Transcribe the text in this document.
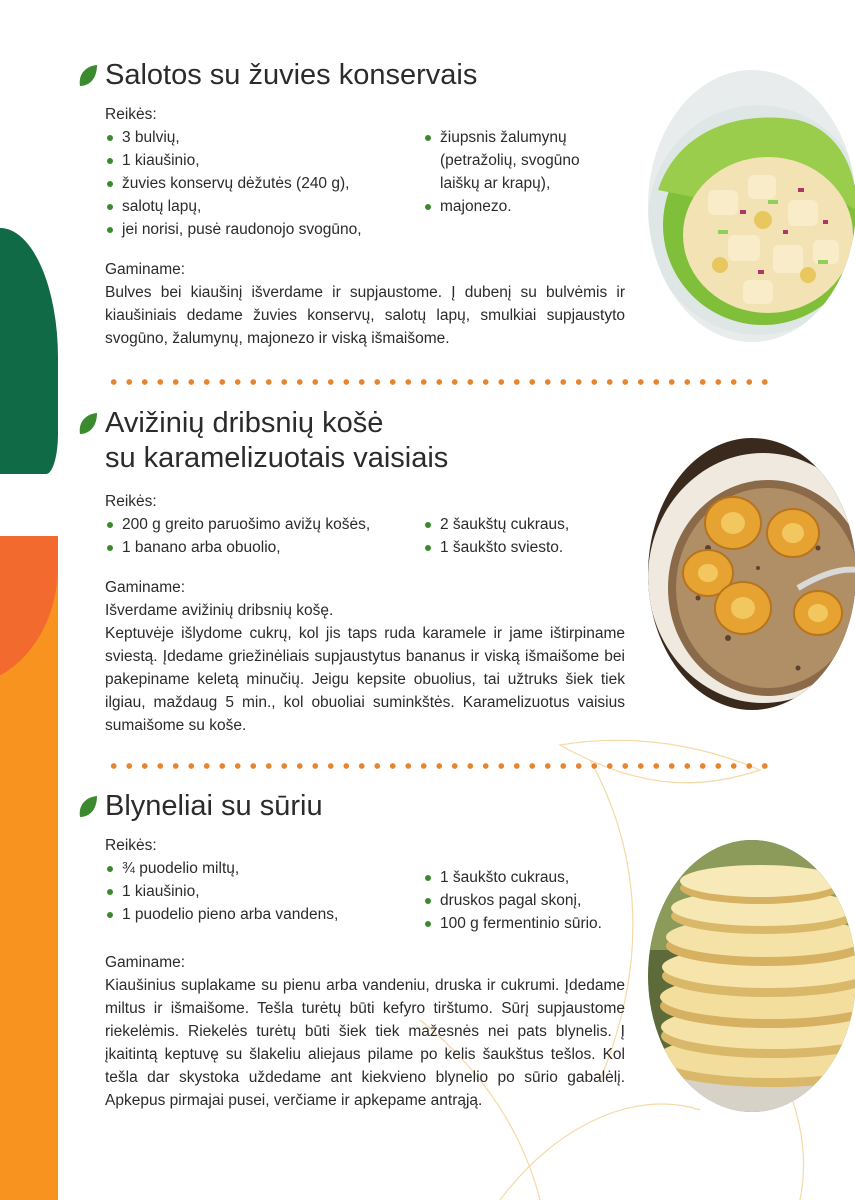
Salotos su žuvies konservais
Reikės:
3 bulvių,
1 kiaušinio,
žuvies konservų dėžutės (240 g),
salotų lapų,
jei norisi, pusė raudonojo svogūno,
žiupsnis žalumynų (petražolių, svogūno laiškų ar krapų),
majonezo.
Gaminame:

Bulves bei kiaušinį išverdame ir supjaustome. Į dubenį su bulvėmis ir kiaušiniais dedame žuvies konservų, salotų lapų, smulkiai supjaustyto svogūno, žalumynų, majonezo ir viską išmaišome.

Avižinių dribsnių košė
su karamelizuotais vaisiais
Reikės:
200 g greito paruošimo avižų košės,
1 banano arba obuolio,
2 šaukštų cukraus,
1 šaukšto sviesto.
Gaminame:

Išverdame avižinių dribsnių košę.

Keptuvėje išlydome cukrų, kol jis taps ruda karamele ir jame ištirpiname sviestą. Įdedame griežinėliais supjaustytus bananus ir viską išmaišome bei pakepiname keletą minučių. Jeigu kepsite obuolius, tai užtruks šiek tiek ilgiau, maždaug 5 min., kol obuoliai suminkštės. Karamelizuotus vaisius sumaišome su koše.

Blyneliai su sūriu
Reikės:
¾ puodelio miltų,
1 kiaušinio,
1 puodelio pieno arba vandens,
1 šaukšto cukraus,
druskos pagal skonį,
100 g fermentinio sūrio.
Gaminame:

Kiaušinius suplakame su pienu arba vandeniu, druska ir cukrumi. Įdedame miltus ir išmaišome. Tešla turėtų būti kefyro tirštumo. Sūrį supjaustome riekelėmis. Riekelės turėtų būti šiek tiek mažesnės nei pats blynelis. Į įkaitintą keptuvę su šlakeliu aliejaus pilame po kelis šaukštus tešlos. Kol tešla dar skystoka uždedame ant kiekvieno blynelio po sūrio gabalėlį. Apkepus pirmajai pusei, verčiame ir apkepame antrąją.
